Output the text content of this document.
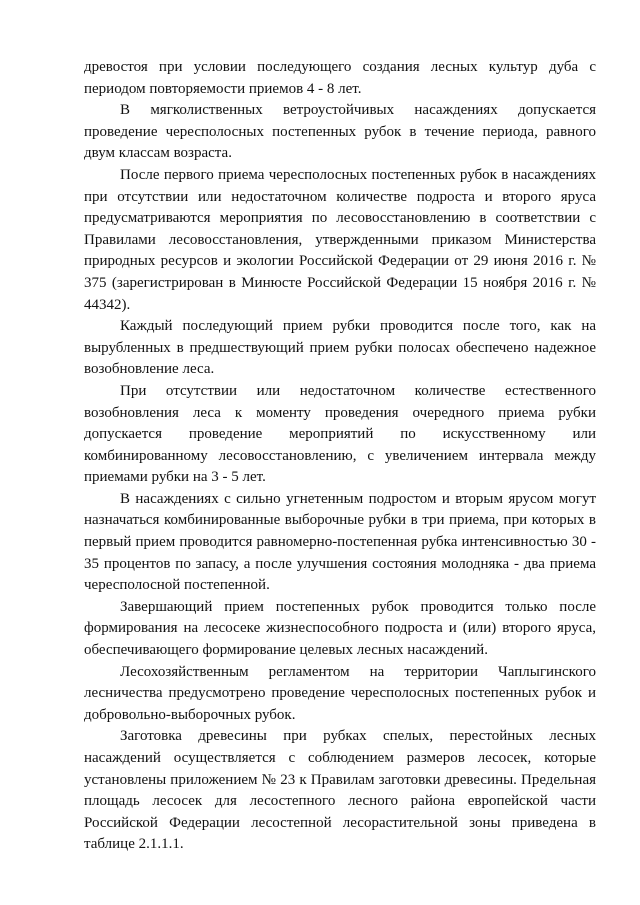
древостоя при условии последующего создания лесных культур дуба с периодом повторяемости приемов 4 - 8 лет.

В мягколиственных ветроустойчивых насаждениях допускается проведение чересполосных постепенных рубок в течение периода, равного двум классам возраста.

После первого приема чересполосных постепенных рубок в насаждениях при отсутствии или недостаточном количестве подроста и второго яруса предусматриваются мероприятия по лесовосстановлению в соответствии с Правилами лесовосстановления, утвержденными приказом Министерства природных ресурсов и экологии Российской Федерации от 29 июня 2016 г. № 375 (зарегистрирован в Минюсте Российской Федерации 15 ноября 2016 г. № 44342).

Каждый последующий прием рубки проводится после того, как на вырубленных в предшествующий прием рубки полосах обеспечено надежное возобновление леса.

При отсутствии или недостаточном количестве естественного возобновления леса к моменту проведения очередного приема рубки допускается проведение мероприятий по искусственному или комбинированному лесовосстановлению, с увеличением интервала между приемами рубки на 3 - 5 лет.

В насаждениях с сильно угнетенным подростом и вторым ярусом могут назначаться комбинированные выборочные рубки в три приема, при которых в первый прием проводится равномерно-постепенная рубка интенсивностью 30 - 35 процентов по запасу, а после улучшения состояния молодняка - два приема чересполосной постепенной.

Завершающий прием постепенных рубок проводится только после формирования на лесосеке жизнеспособного подроста и (или) второго яруса, обеспечивающего формирование целевых лесных насаждений.

Лесохозяйственным регламентом на территории Чаплыгинского лесничества предусмотрено проведение чересполосных постепенных рубок и добровольно-выборочных рубок.

Заготовка древесины при рубках спелых, перестойных лесных насаждений осуществляется с соблюдением размеров лесосек, которые установлены приложением № 23 к Правилам заготовки древесины. Предельная площадь лесосек для лесостепного лесного района европейской части Российской Федерации лесостепной лесорастительной зоны приведена в таблице 2.1.1.1.
